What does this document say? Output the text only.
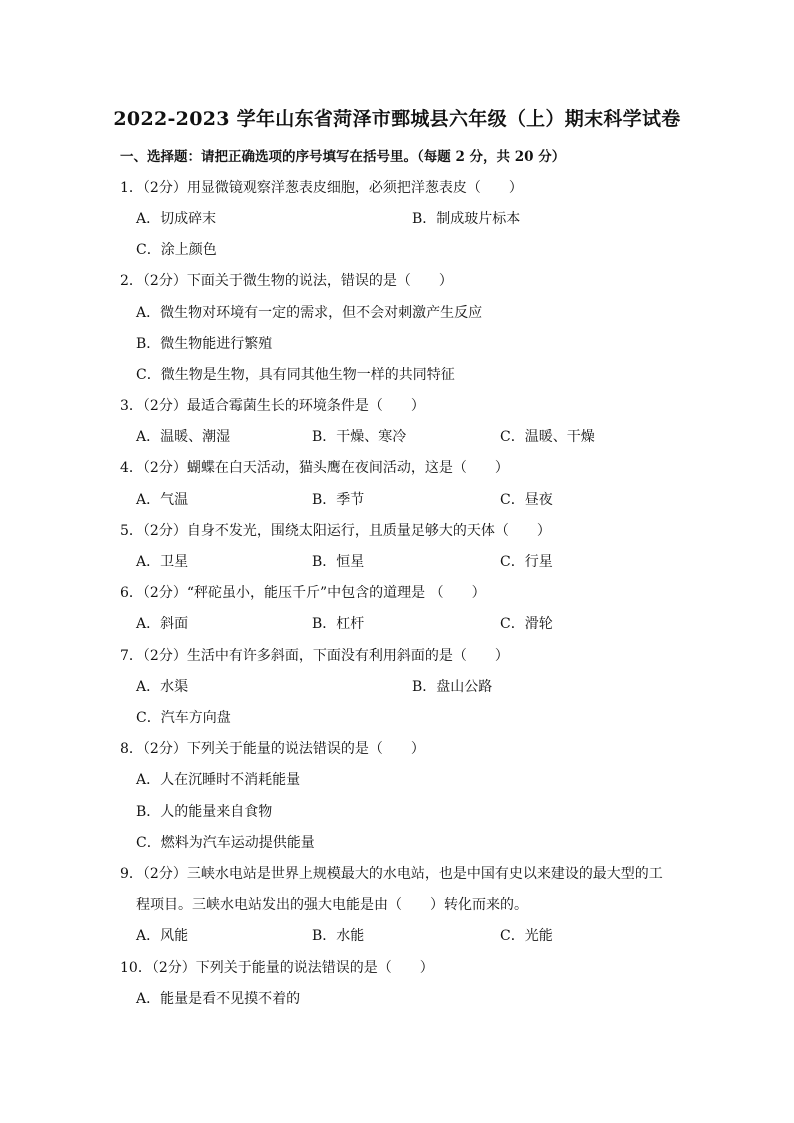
2022-2023 学年山东省菏泽市鄄城县六年级（上）期末科学试卷
一、选择题：请把正确选项的序号填写在括号里。（每题 2 分，共 20 分）
1．（2分）用显微镜观察洋葱表皮细胞，必须把洋葱表皮（　　）
A．切成碎末	B．制成玻片标本
C．涂上颜色
2．（2分）下面关于微生物的说法，错误的是（　　）
A．微生物对环境有一定的需求，但不会对刺激产生反应
B．微生物能进行繁殖
C．微生物是生物，具有同其他生物一样的共同特征
3．（2分）最适合霉菌生长的环境条件是（　　）
A．温暖、潮湿	B．干燥、寒冷	C．温暖、干燥
4．（2分）蝴蝶在白天活动，猫头鹰在夜间活动，这是（　　）
A．气温	B．季节	C．昼夜
5．（2分）自身不发光，围绕太阳运行，且质量足够大的天体（　　）
A．卫星	B．恒星	C．行星
6．（2分）“秤砣虽小，能压千斤”中包含的道理是 （　　）
A．斜面	B．杠杆	C．滑轮
7．（2分）生活中有许多斜面，下面没有利用斜面的是（　　）
A．水渠	B．盘山公路
C．汽车方向盘
8．（2分）下列关于能量的说法错误的是（　　）
A．人在沉睡时不消耗能量
B．人的能量来自食物
C．燃料为汽车运动提供能量
9．（2分）三峡水电站是世界上规模最大的水电站，也是中国有史以来建设的最大型的工
程项目。三峡水电站发出的强大电能是由（　　）转化而来的。
A．风能	B．水能	C．光能
10．（2分）下列关于能量的说法错误的是（　　）
A．能量是看不见摸不着的
